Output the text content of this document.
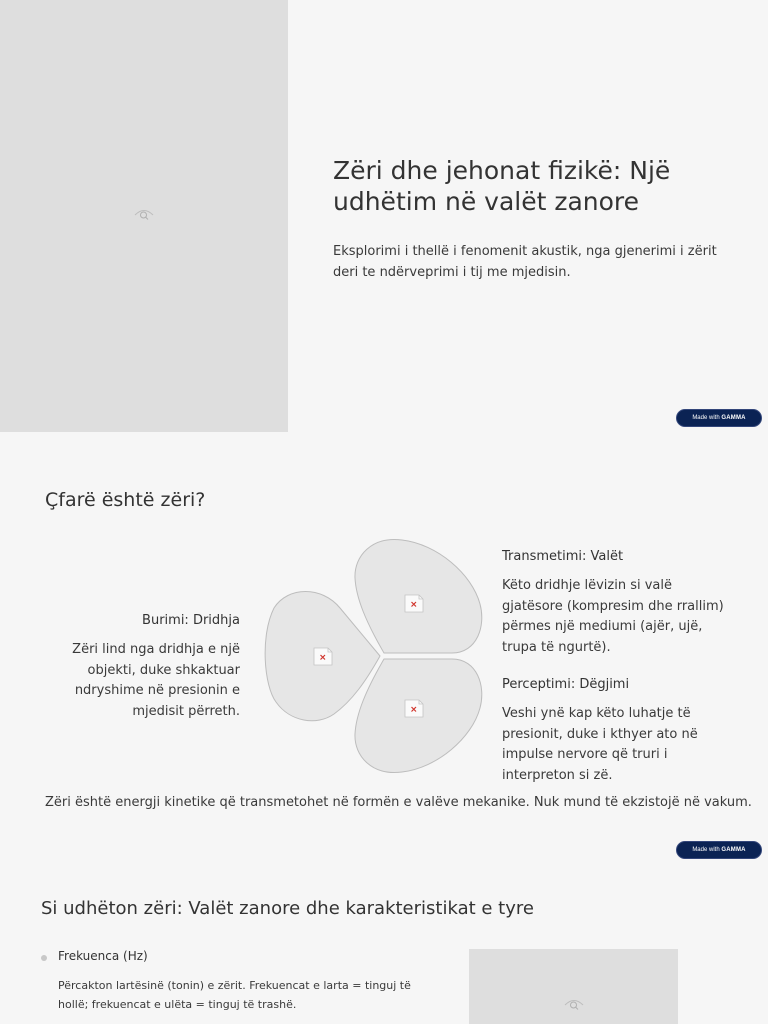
Zëri dhe jehonat fizikë: Një udhëtim në valët zanore

Eksplorimi i thellë i fenomenit akustik, nga gjenerimi i zërit deri te ndërveprimi i tij me mjedisin.

Made with GAMMA
Çfarë është zëri?
Burimi: Dridhja
Zëri lind nga dridhja e një objekti, duke shkaktuar ndryshime në presionin e mjedisit përreth.
Transmetimi: Valët
Këto dridhje lëvizin si valë gjatësore (kompresim dhe rrallim) përmes një mediumi (ajër, ujë, trupa të ngurtë).
Perceptimi: Dëgjimi
Veshi ynë kap këto luhatje të presionit, duke i kthyer ato në impulse nervore që truri i interpreton si zë.

Zëri është energji kinetike që transmetohet në formën e valëve mekanike. Nuk mund të ekzistojë në vakum.

Made with GAMMA
Si udhëton zëri: Valët zanore dhe karakteristikat e tyre
Frekuenca (Hz)
Përcakton lartësinë (tonin) e zërit. Frekuencat e larta = tinguj të hollë; frekuencat e ulëta = tinguj të trashë.
